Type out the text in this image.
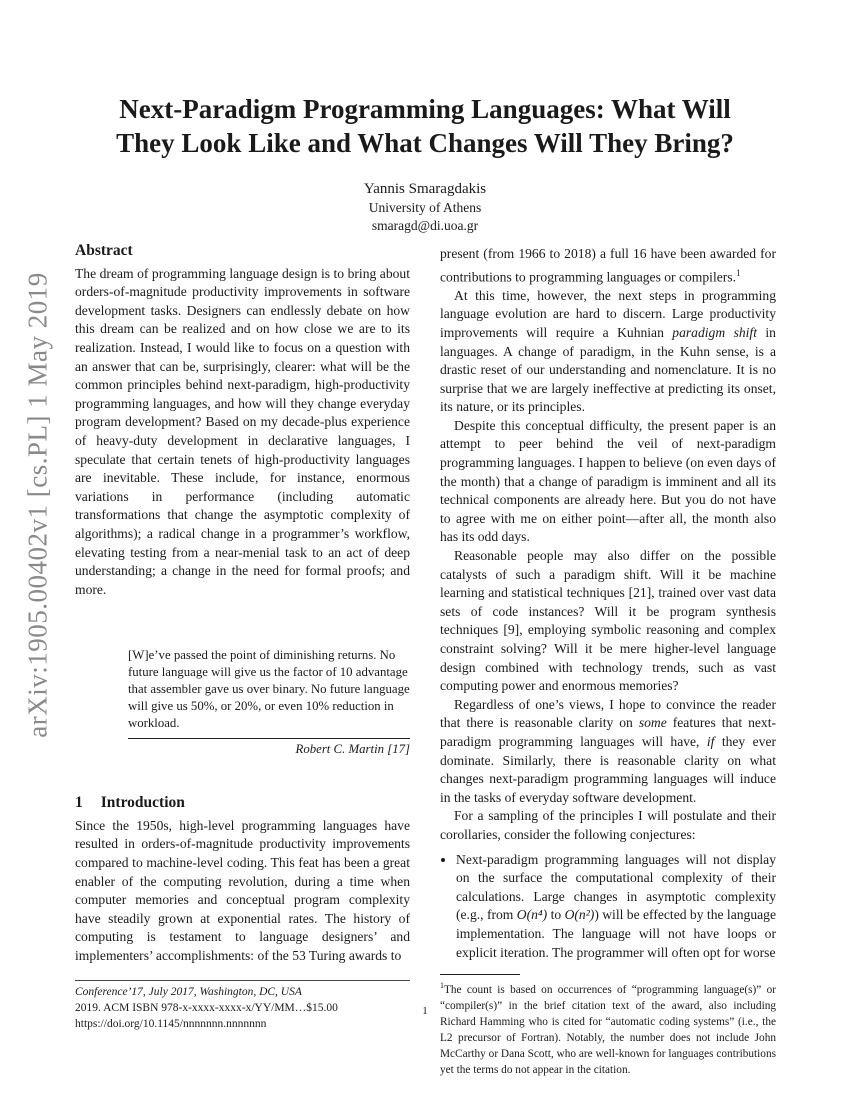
arXiv:1905.00402v1 [cs.PL] 1 May 2019
Next-Paradigm Programming Languages: What Will
They Look Like and What Changes Will They Bring?
Yannis Smaragdakis
University of Athens
smaragd@di.uoa.gr
Abstract

The dream of programming language design is to bring about orders-of-magnitude productivity improvements in software development tasks. Designers can endlessly debate on how this dream can be realized and on how close we are to its realization. Instead, I would like to focus on a question with an answer that can be, surprisingly, clearer: what will be the common principles behind next-paradigm, high-productivity programming languages, and how will they change everyday program development? Based on my decade-plus experience of heavy-duty development in declarative languages, I speculate that certain tenets of high-productivity languages are inevitable. These include, for instance, enormous variations in performance (including automatic transformations that change the asymptotic complexity of algorithms); a radical change in a programmer’s workflow, elevating testing from a near-menial task to an act of deep understanding; a change in the need for formal proofs; and more.

[W]e’ve passed the point of diminishing returns. No future language will give us the factor of 10 advantage that assembler gave us over binary. No future language will give us 50%, or 20%, or even 10% reduction in workload.
Robert C. Martin [17]
1 Introduction

Since the 1950s, high-level programming languages have resulted in orders-of-magnitude productivity improvements compared to machine-level coding. This feat has been a great enabler of the computing revolution, during a time when computer memories and conceptual program complexity have steadily grown at exponential rates. The history of computing is testament to language designers’ and implementers’ accomplishments: of the 53 Turing awards to

Conference’17, July 2017, Washington, DC, USA
2019. ACM ISBN 978-x-xxxx-xxxx-x/YY/MM…$15.00
https://doi.org/10.1145/nnnnnnn.nnnnnnn

present (from 1966 to 2018) a full 16 have been awarded for contributions to programming languages or compilers.$^1$

At this time, however, the next steps in programming language evolution are hard to discern. Large productivity improvements will require a Kuhnian paradigm shift in languages. A change of paradigm, in the Kuhn sense, is a drastic reset of our understanding and nomenclature. It is no surprise that we are largely ineffective at predicting its onset, its nature, or its principles.

Despite this conceptual difficulty, the present paper is an attempt to peer behind the veil of next-paradigm programming languages. I happen to believe (on even days of the month) that a change of paradigm is imminent and all its technical components are already here. But you do not have to agree with me on either point—after all, the month also has its odd days.

Reasonable people may also differ on the possible catalysts of such a paradigm shift. Will it be machine learning and statistical techniques [21], trained over vast data sets of code instances? Will it be program synthesis techniques [9], employing symbolic reasoning and complex constraint solving? Will it be mere higher-level language design combined with technology trends, such as vast computing power and enormous memories?

Regardless of one’s views, I hope to convince the reader that there is reasonable clarity on some features that next-paradigm programming languages will have, if they ever dominate. Similarly, there is reasonable clarity on what changes next-paradigm programming languages will induce in the tasks of everyday software development.

For a sampling of the principles I will postulate and their corollaries, consider the following conjectures:

• Next-paradigm programming languages will not display on the surface the computational complexity of their calculations. Large changes in asymptotic complexity (e.g., from O(n⁴) to O(n²)) will be effected by the language implementation. The language will not have loops or explicit iteration. The programmer will often opt for worse
$^1$The count is based on occurrences of “programming language(s)” or “compiler(s)” in the brief citation text of the award, also including Richard Hamming who is cited for “automatic coding systems” (i.e., the L2 precursor of Fortran). Notably, the number does not include John McCarthy or Dana Scott, who are well-known for languages contributions yet the terms do not appear in the citation.
1
